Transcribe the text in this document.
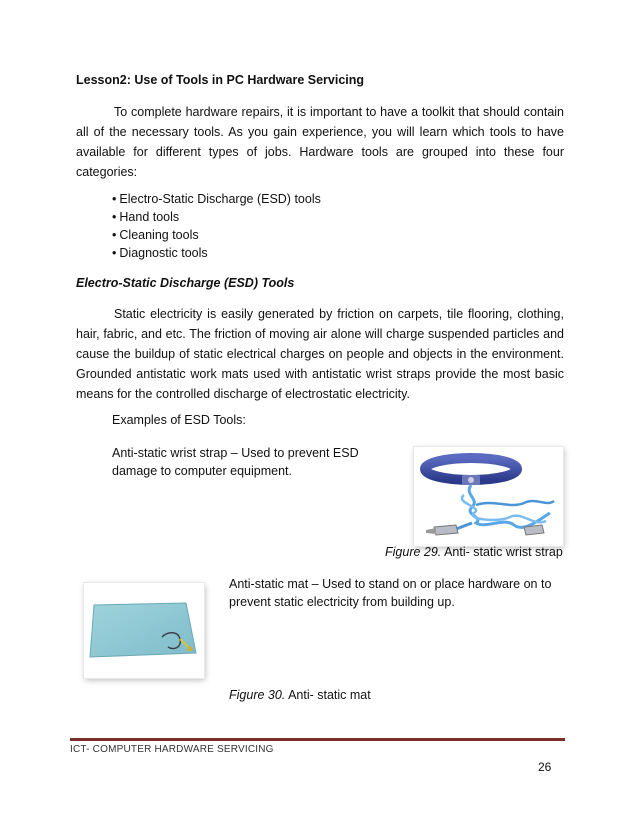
Lesson2: Use of Tools in PC Hardware Servicing

To complete hardware repairs, it is important to have a toolkit that should contain all of the necessary tools. As you gain experience, you will learn which tools to have available for different types of jobs. Hardware tools are grouped into these four categories:

• Electro-Static Discharge (ESD) tools
• Hand tools
• Cleaning tools
• Diagnostic tools
Electro-Static Discharge (ESD) Tools

Static electricity is easily generated by friction on carpets, tile flooring, clothing, hair, fabric, and etc. The friction of moving air alone will charge suspended particles and cause the buildup of static electrical charges on people and objects in the environment. Grounded antistatic work mats used with antistatic wrist straps provide the most basic means for the controlled discharge of electrostatic electricity.

Examples of ESD Tools:
Anti-static wrist strap – Used to prevent ESD damage to computer equipment.
Figure 29. Anti- static wrist strap
Anti-static mat – Used to stand on or place hardware on to prevent static electricity from building up.
Figure 30. Anti- static mat
ICT- COMPUTER HARDWARE SERVICING
26
